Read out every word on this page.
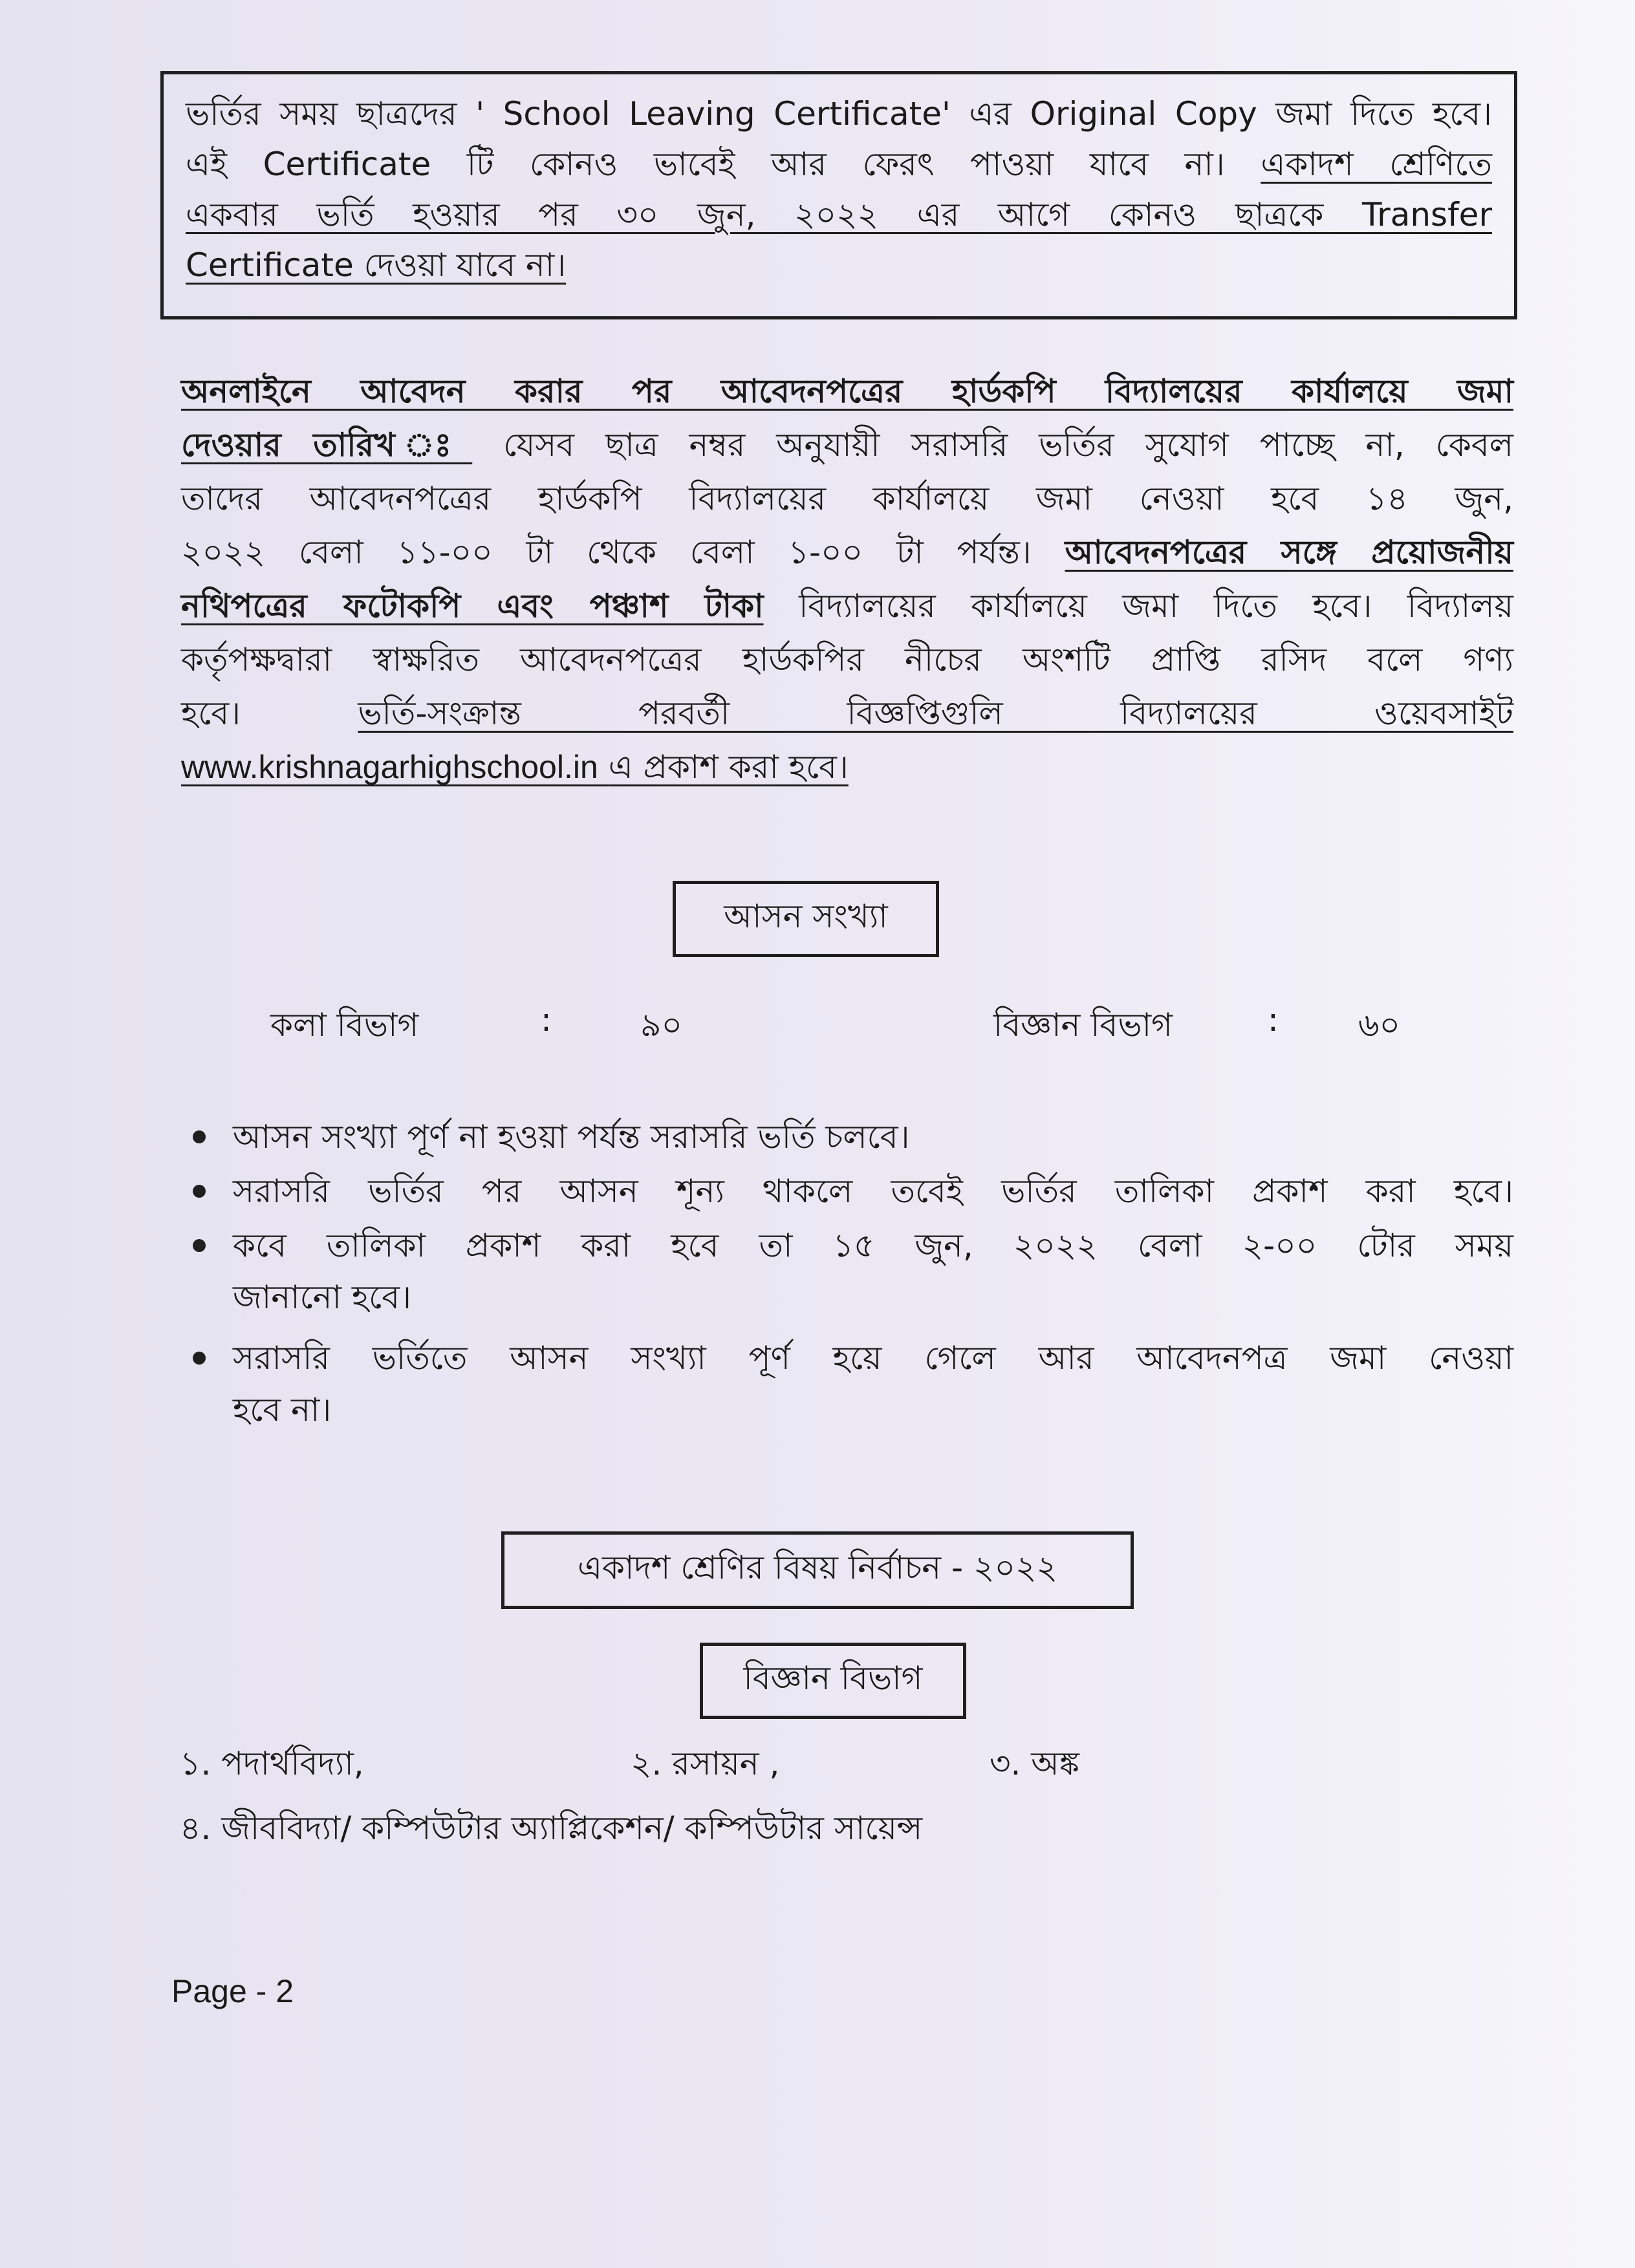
ভর্তির সময় ছাত্রদের ' School Leaving Certificate' এর Original Copy জমা দিতে হবে।
এই Certificate টি কোনও ভাবেই আর ফেরৎ পাওয়া যাবে না। একাদশ শ্রেণিতে
একবার ভর্তি হওয়ার পর ৩০ জুন, ২০২২ এর আগে কোনও ছাত্রকে Transfer
Certificate দেওয়া যাবে না।

অনলাইনে আবেদন করার পর আবেদনপত্রের হার্ডকপি বিদ্যালয়ের কার্যালয়ে জমা
দেওয়ার তারিখ ঃ যেসব ছাত্র নম্বর অনুযায়ী সরাসরি ভর্তির সুযোগ পাচ্ছে না, কেবল
তাদের আবেদনপত্রের হার্ডকপি বিদ্যালয়ের কার্যালয়ে জমা নেওয়া হবে ১৪ জুন,
২০২২ বেলা ১১-০০ টা থেকে বেলা ১-০০ টা পর্যন্ত। আবেদনপত্রের সঙ্গে প্রয়োজনীয়
নথিপত্রের ফটোকপি এবং পঞ্চাশ টাকা বিদ্যালয়ের কার্যালয়ে জমা দিতে হবে। বিদ্যালয়
কর্তৃপক্ষদ্বারা স্বাক্ষরিত আবেদনপত্রের হার্ডকপির নীচের অংশটি প্রাপ্তি রসিদ বলে গণ্য
হবে।	ভর্তি-সংক্রান্ত পরবর্তী বিজ্ঞপ্তিগুলি বিদ্যালয়ের ওয়েবসাইট
www.krishnagarhighschool.in এ প্রকাশ করা হবে।
আসন সংখ্যা
কলা বিভাগ	:	৯০	বিজ্ঞান বিভাগ	: ৬০
আসন সংখ্যা পূর্ণ না হওয়া পর্যন্ত সরাসরি ভর্তি চলবে।
সরাসরি ভর্তির পর আসন শূন্য থাকলে তবেই ভর্তির তালিকা প্রকাশ করা হবে।
কবে তালিকা প্রকাশ করা হবে তা ১৫ জুন, ২০২২ বেলা ২-০০ টোর সময়
জানানো হবে।
সরাসরি ভর্তিতে আসন সংখ্যা পূর্ণ হয়ে গেলে আর আবেদনপত্র জমা নেওয়া
হবে না।
একাদশ শ্রেণির বিষয় নির্বাচন - ২০২২
বিজ্ঞান বিভাগ
১. পদার্থবিদ্যা,	২. রসায়ন ,	৩. অঙ্ক
৪. জীববিদ্যা/ কম্পিউটার অ্যাপ্লিকেশন/ কম্পিউটার সায়েন্স
Page - 2
